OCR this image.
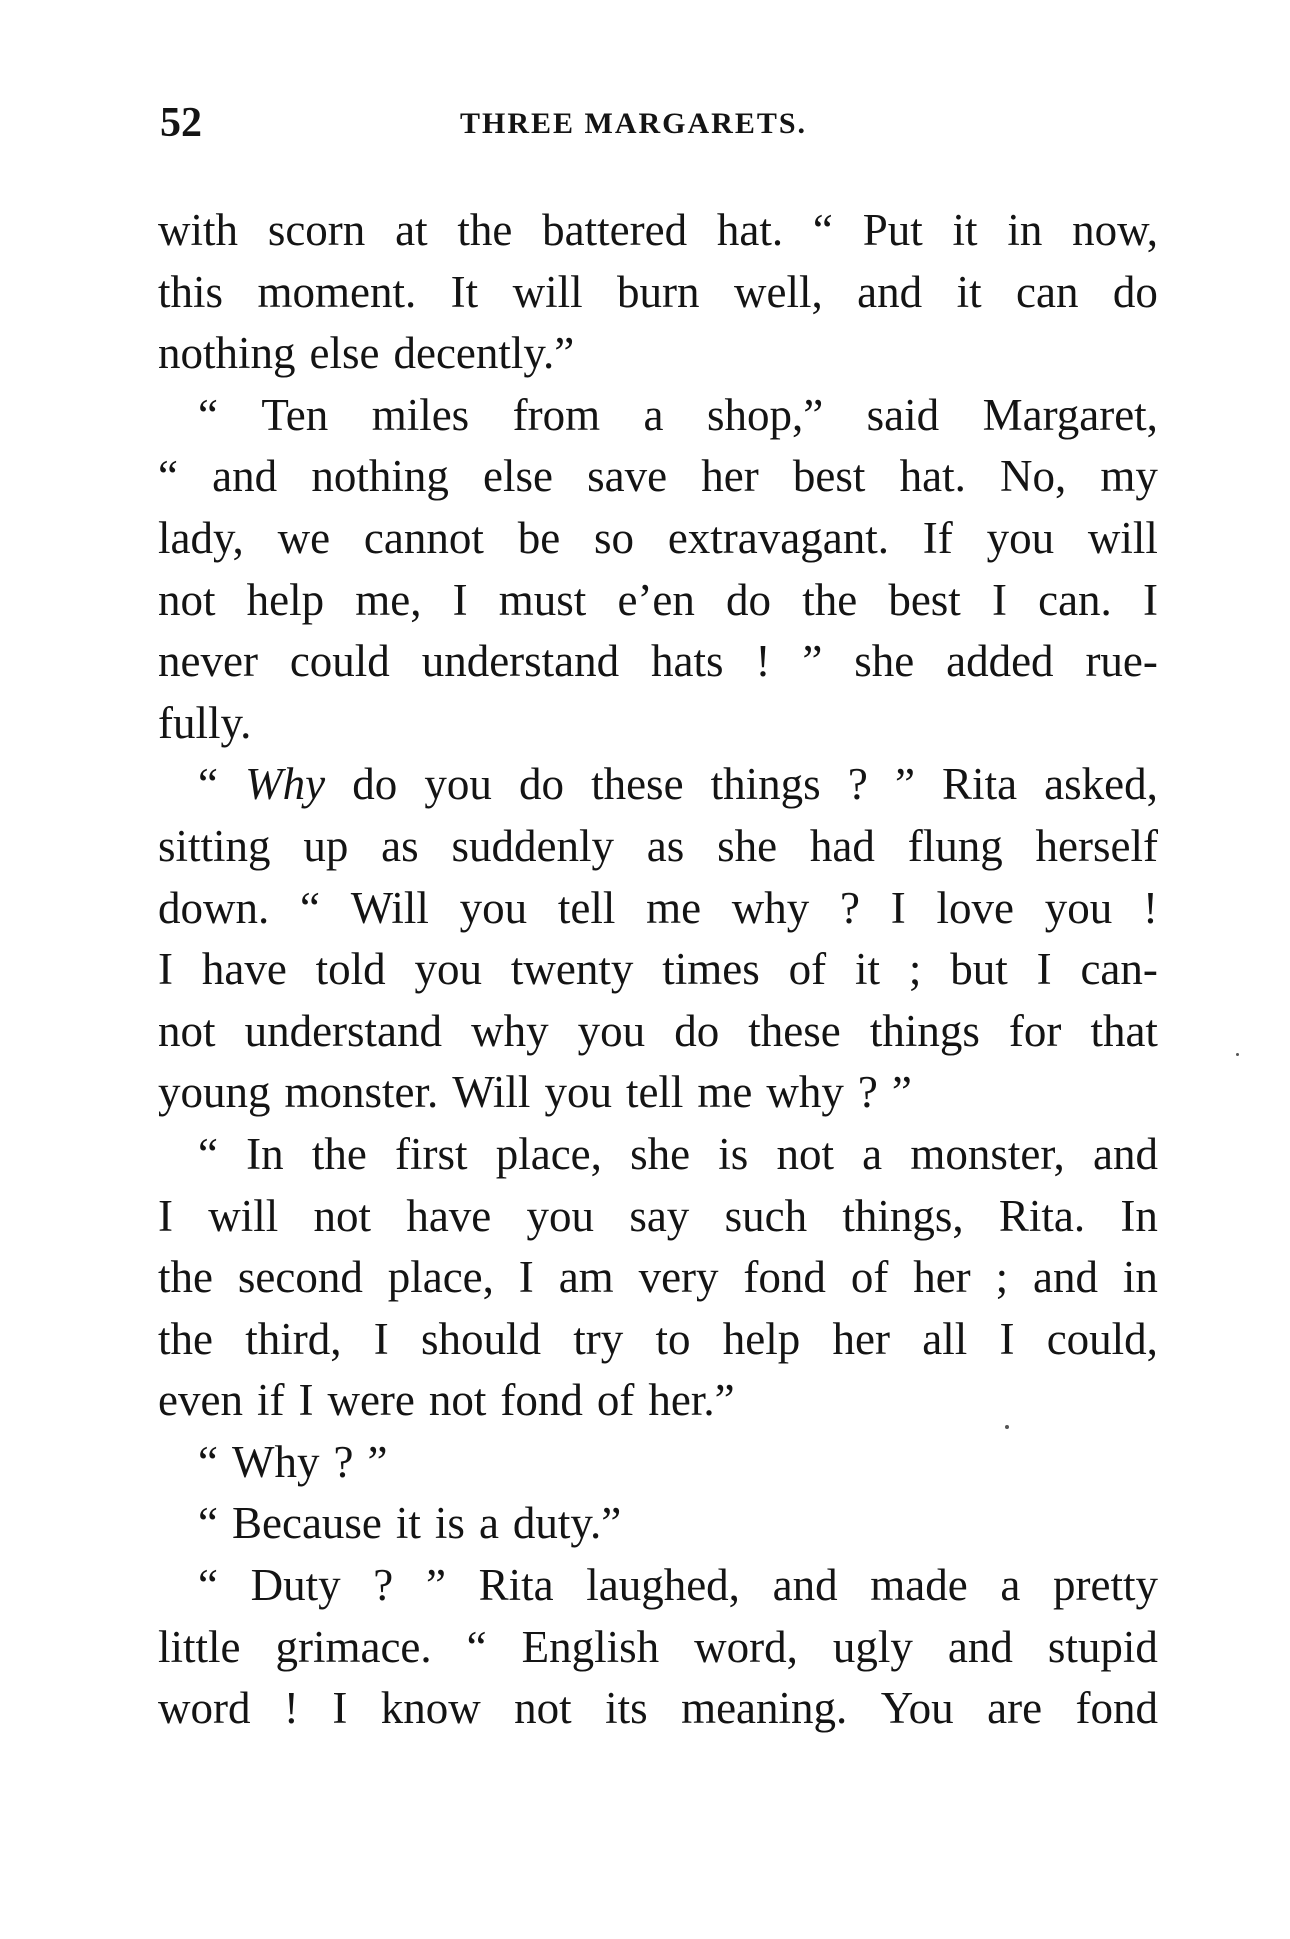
52	THREE MARGARETS.
with scorn at the battered hat. “ Put it in now,
this moment. It will burn well, and it can do
nothing else decently.”
“ Ten miles from a shop,” said Margaret,
“ and nothing else save her best hat. No, my
lady, we cannot be so extravagant. If you will
not help me, I must e’en do the best I can. I
never could understand hats ! ” she added rue-
fully.
“ Why do you do these things ? ” Rita asked,
sitting up as suddenly as she had flung herself
down. “ Will you tell me why ? I love you !
I have told you twenty times of it ; but I can-
not understand why you do these things for that
young monster. Will you tell me why ? ”
“ In the first place, she is not a monster, and
I will not have you say such things, Rita. In
the second place, I am very fond of her ; and in
the third, I should try to help her all I could,
even if I were not fond of her.”
“ Why ? ”
“ Because it is a duty.”
“ Duty ? ” Rita laughed, and made a pretty
little grimace. “ English word, ugly and stupid
word ! I know not its meaning. You are fond
